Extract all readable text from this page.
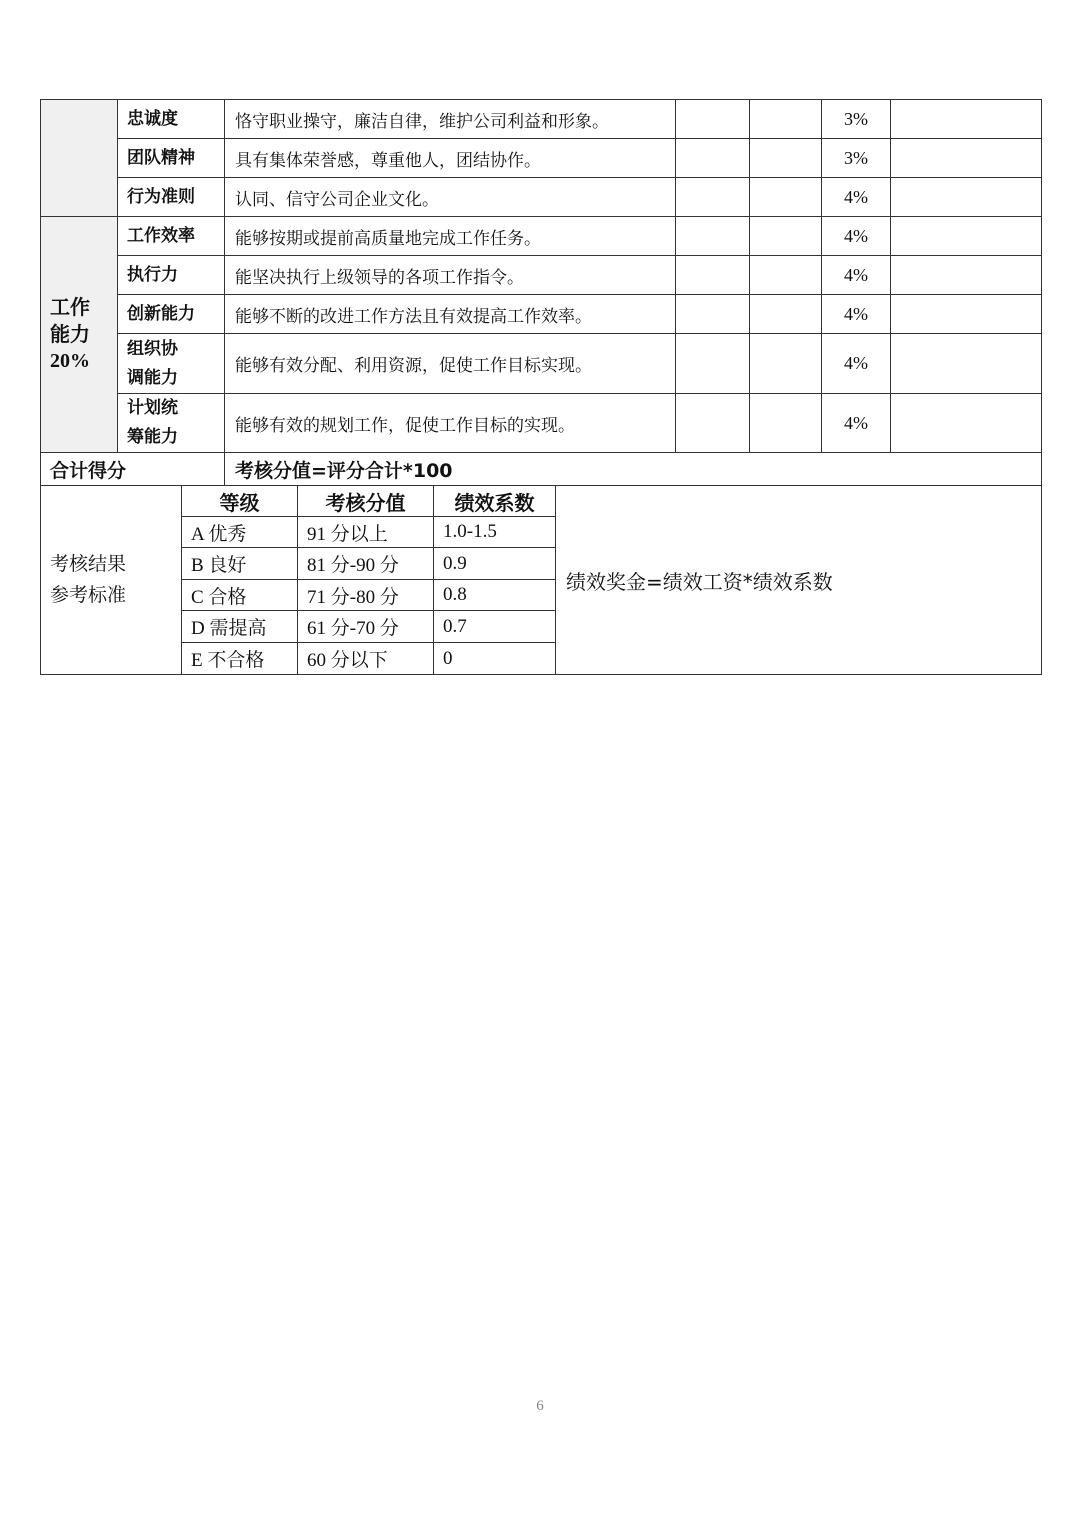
	忠诚度	恪守职业操守，廉洁自律，维护公司利益和形象。			3%	
	团队精神	具有集体荣誉感，尊重他人，团结协作。			3%	
	行为准则	认同、信守公司企业文化。			4%	

工作
能力
20%	工作效率	能够按期或提前高质量地完成工作任务。			4%	

	执行力	能坚决执行上级领导的各项工作指令。			4%	

	创新能力	能够不断的改进工作方法且有效提高工作效率。			4%	

	组织协
调能力	能够有效分配、利用资源，促使工作目标实现。			4%	

	计划统
筹能力	能够有效的规划工作，促使工作目标的实现。			4%	
合计得分		考核分值=评分合计*100				
考核结果
参考标准	等级	考核分值	绩效系数	绩效奖金=绩效工资*绩效系数
	A 优秀	91 分以上	1.0-1.5	
	B 良好	81 分-90 分	0.9	
	C 合格	71 分-80 分	0.8	
	D 需提高	61 分-70 分	0.7	
	E 不合格	60 分以下	0	
6
